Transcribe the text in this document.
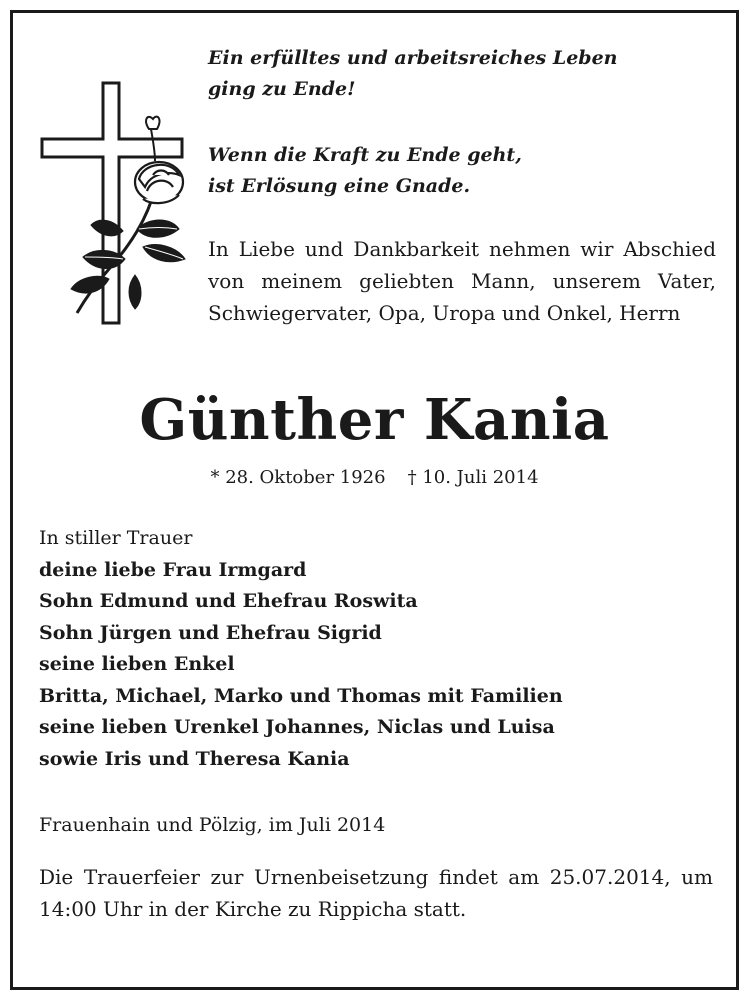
Ein erfülltes und arbeitsreiches Leben
ging zu Ende!
Wenn die Kraft zu Ende geht,
ist Erlösung eine Gnade.
In Liebe und Dankbarkeit nehmen wir Abschied von meinem geliebten Mann, unserem Vater, Schwiegervater, Opa, Uropa und Onkel, Herrn
Günther Kania
* 28. Oktober 1926 † 10. Juli 2014
In stiller Trauer
deine liebe Frau Irmgard
Sohn Edmund und Ehefrau Roswita
Sohn Jürgen und Ehefrau Sigrid
seine lieben Enkel
Britta, Michael, Marko und Thomas mit Familien
seine lieben Urenkel Johannes, Niclas und Luisa
sowie Iris und Theresa Kania
Frauenhain und Pölzig, im Juli 2014
Die Trauerfeier zur Urnenbeisetzung findet am 25.07.2014, um 14:00 Uhr in der Kirche zu Rippicha statt.
